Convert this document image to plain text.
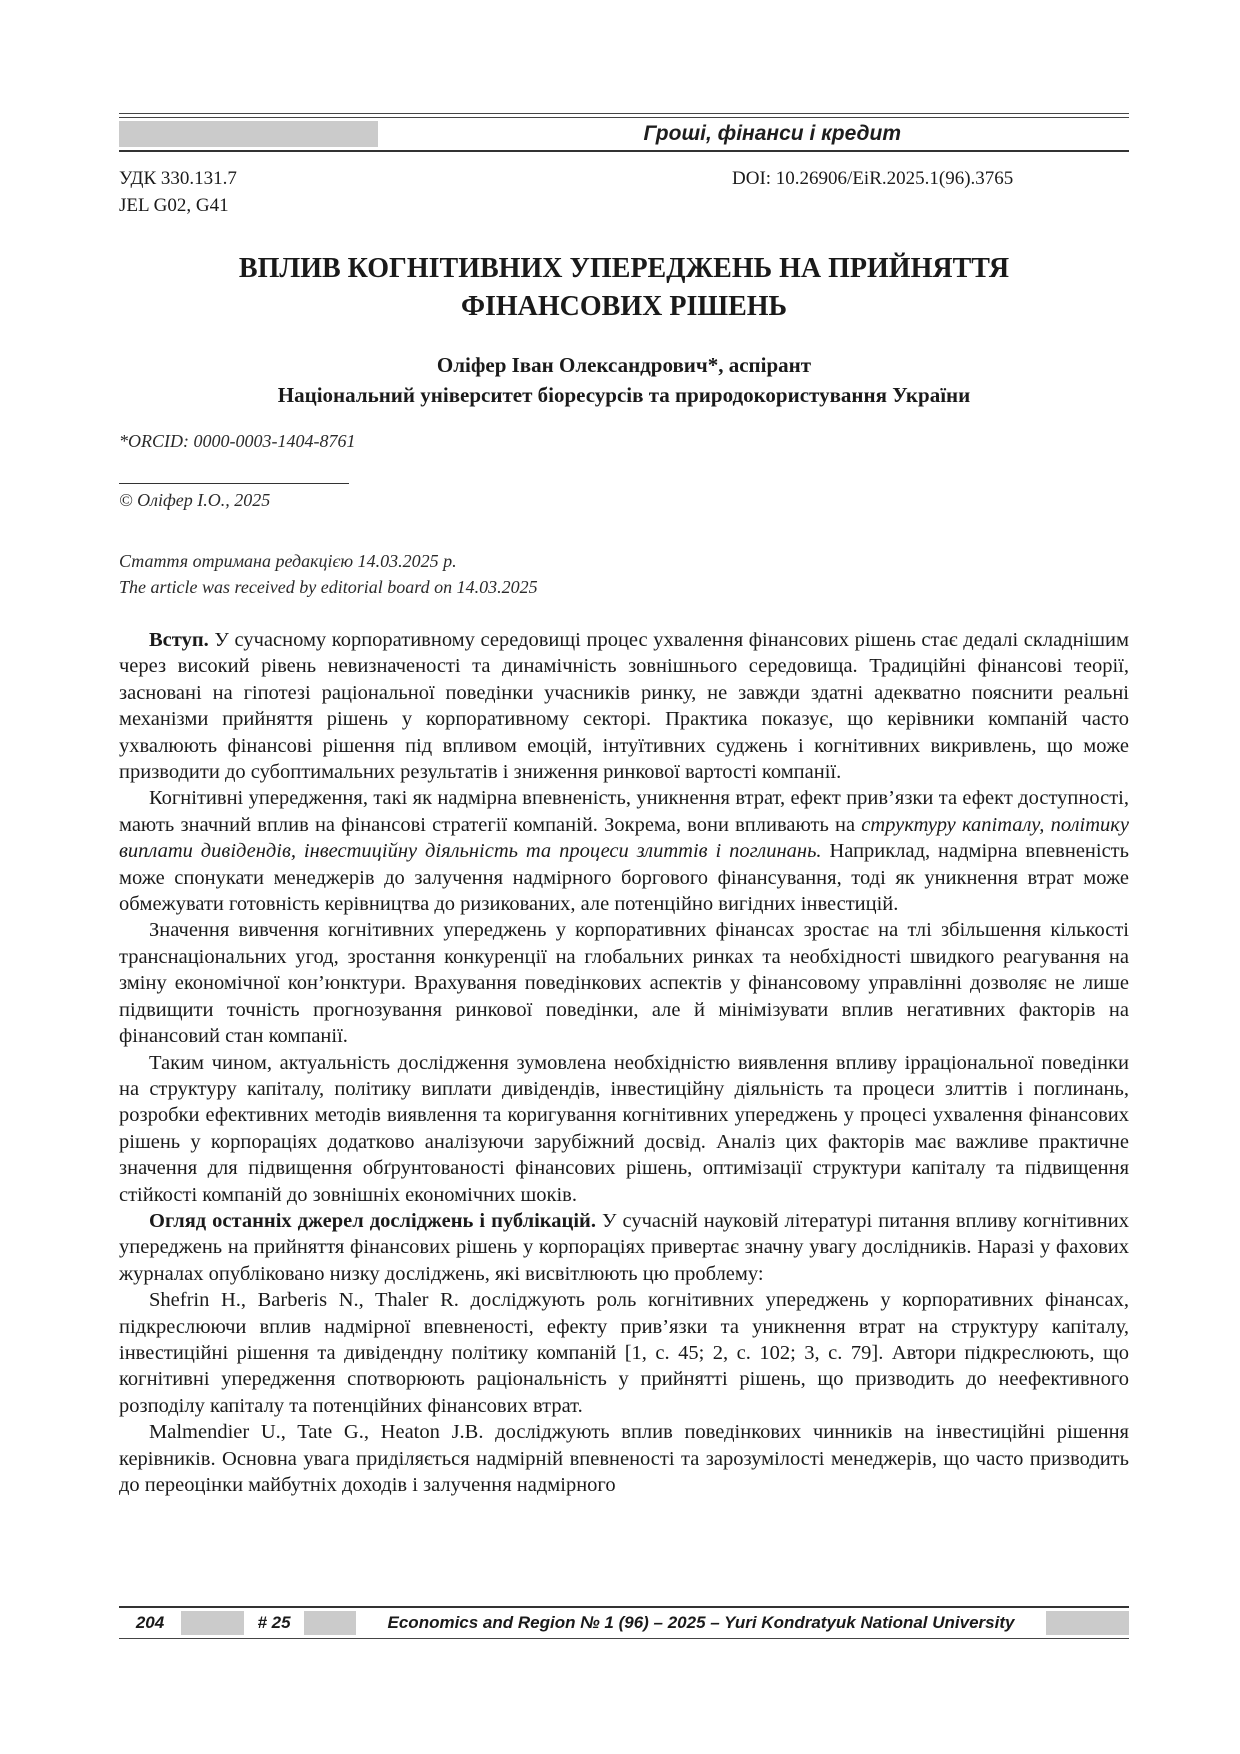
Гроші, фінанси і кредит
УДК 330.131.7
JEL G02, G41
DOI: 10.26906/EiR.2025.1(96).3765
ВПЛИВ КОГНІТИВНИХ УПЕРЕДЖЕНЬ НА ПРИЙНЯТТЯ
ФІНАНСОВИХ РІШЕНЬ
Оліфер Іван Олександрович*, аспірант
Національний університет біоресурсів та природокористування України
*ORCID: 0000-0003-1404-8761
© Оліфер І.О., 2025
Стаття отримана редакцією 14.03.2025 р.
The article was received by editorial board on 14.03.2025

Вступ. У сучасному корпоративному середовищі процес ухвалення фінансових рішень стає дедалі складнішим через високий рівень невизначеності та динамічність зовнішнього середовища. Традиційні фінансові теорії, засновані на гіпотезі раціональної поведінки учасників ринку, не завжди здатні адекватно пояснити реальні механізми прийняття рішень у корпоративному секторі. Практика показує, що керівники компаній часто ухвалюють фінансові рішення під впливом емоцій, інтуїтивних суджень і когнітивних викривлень, що може призводити до субоптимальних результатів і зниження ринкової вартості компанії.

Когнітивні упередження, такі як надмірна впевненість, уникнення втрат, ефект прив’язки та ефект доступності, мають значний вплив на фінансові стратегії компаній. Зокрема, вони впливають на структуру капіталу, політику виплати дивідендів, інвестиційну діяльність та процеси злиттів і поглинань. Наприклад, надмірна впевненість може спонукати менеджерів до залучення надмірного боргового фінансування, тоді як уникнення втрат може обмежувати готовність керівництва до ризикованих, але потенційно вигідних інвестицій.

Значення вивчення когнітивних упереджень у корпоративних фінансах зростає на тлі збільшення кількості транснаціональних угод, зростання конкуренції на глобальних ринках та необхідності швидкого реагування на зміну економічної кон’юнктури. Врахування поведінкових аспектів у фінансовому управлінні дозволяє не лише підвищити точність прогнозування ринкової поведінки, але й мінімізувати вплив негативних факторів на фінансовий стан компанії.

Таким чином, актуальність дослідження зумовлена необхідністю виявлення впливу ірраціональної поведінки на структуру капіталу, політику виплати дивідендів, інвестиційну діяльність та процеси злиттів і поглинань, розробки ефективних методів виявлення та коригування когнітивних упереджень у процесі ухвалення фінансових рішень у корпораціях додатково аналізуючи зарубіжний досвід. Аналіз цих факторів має важливе практичне значення для підвищення обґрунтованості фінансових рішень, оптимізації структури капіталу та підвищення стійкості компаній до зовнішніх економічних шоків.

Огляд останніх джерел досліджень і публікацій. У сучасній науковій літературі питання впливу когнітивних упереджень на прийняття фінансових рішень у корпораціях привертає значну увагу дослідників. Наразі у фахових журналах опубліковано низку досліджень, які висвітлюють цю проблему:

Shefrin H., Barberis N., Thaler R. досліджують роль когнітивних упереджень у корпоративних фінансах, підкреслюючи вплив надмірної впевненості, ефекту прив’язки та уникнення втрат на структуру капіталу, інвестиційні рішення та дивідендну політику компаній [1, с. 45; 2, с. 102; 3, с. 79]. Автори підкреслюють, що когнітивні упередження спотворюють раціональність у прийнятті рішень, що призводить до неефективного розподілу капіталу та потенційних фінансових втрат.

Malmendier U., Tate G., Heaton J.B. досліджують вплив поведінкових чинників на інвестиційні рішення керівників. Основна увага приділяється надмірній впевненості та зарозумілості менеджерів, що часто призводить до переоцінки майбутніх доходів і залучення надмірного

204	# 25	Economics and Region № 1 (96) – 2025 – Yuri Kondratyuk National University
